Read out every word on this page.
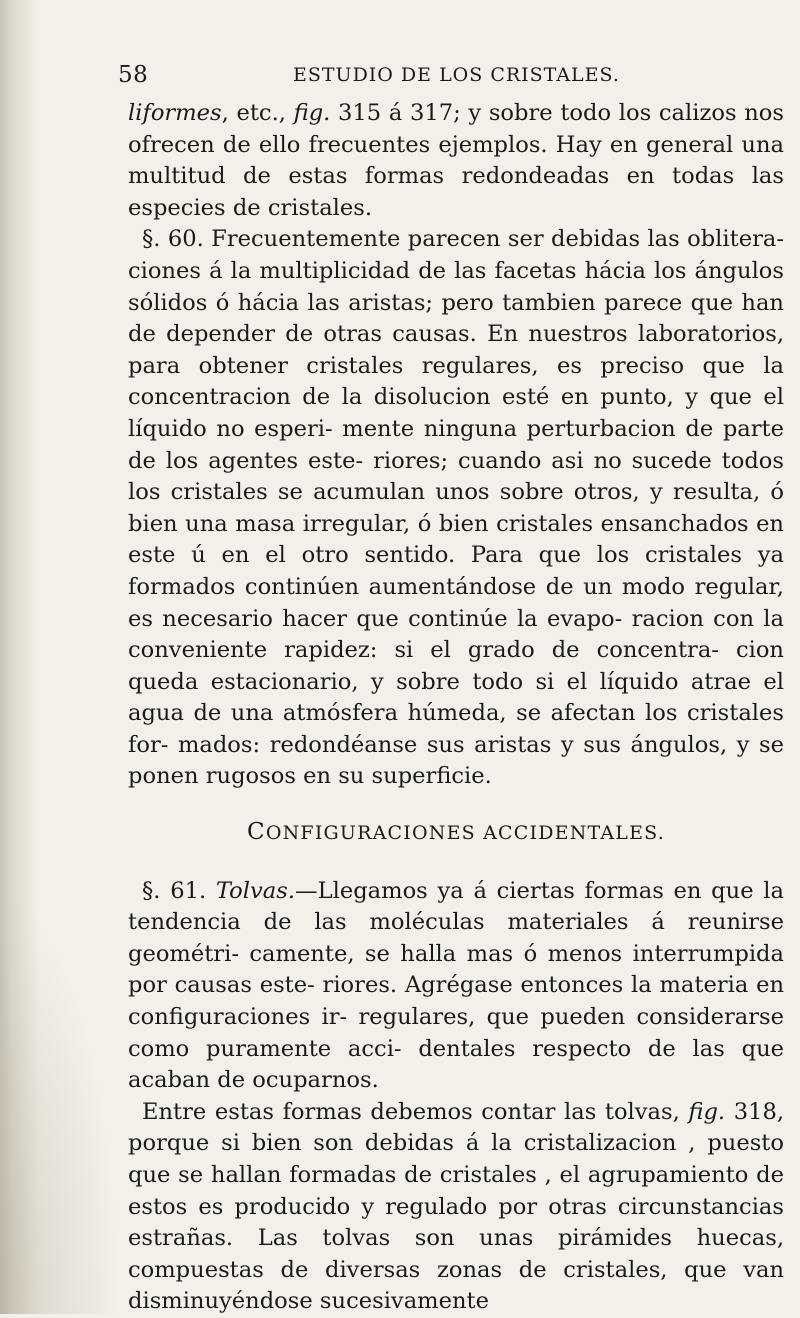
58	ESTUDIO DE LOS CRISTALES.

liformes, etc., fig. 315 á 317; y sobre todo los calizos nos ofrecen de ello frecuentes ejemplos. Hay en general una multitud de estas formas redondeadas en todas las especies de cristales.

§. 60. Frecuentemente parecen ser debidas las oblitera- ciones á la multiplicidad de las facetas hácia los ángulos sólidos ó hácia las aristas; pero tambien parece que han de depender de otras causas. En nuestros laboratorios, para obtener cristales regulares, es preciso que la concentracion de la disolucion esté en punto, y que el líquido no esperi- mente ninguna perturbacion de parte de los agentes este- riores; cuando asi no sucede todos los cristales se acumulan unos sobre otros, y resulta, ó bien una masa irregular, ó bien cristales ensanchados en este ú en el otro sentido. Para que los cristales ya formados continúen aumentándose de un modo regular, es necesario hacer que continúe la evapo- racion con la conveniente rapidez: si el grado de concentra- cion queda estacionario, y sobre todo si el líquido atrae el agua de una atmósfera húmeda, se afectan los cristales for- mados: redondéanse sus aristas y sus ángulos, y se ponen rugosos en su superficie.

CONFIGURACIONES ACCIDENTALES.

§. 61. Tolvas.—Llegamos ya á ciertas formas en que la tendencia de las moléculas materiales á reunirse geométri- camente, se halla mas ó menos interrumpida por causas este- riores. Agrégase entonces la materia en configuraciones ir- regulares, que pueden considerarse como puramente acci- dentales respecto de las que acaban de ocuparnos.

Entre estas formas debemos contar las tolvas, fig. 318, porque si bien son debidas á la cristalizacion , puesto que se hallan formadas de cristales , el agrupamiento de estos es producido y regulado por otras circunstancias estrañas. Las tolvas son unas pirámides huecas, compuestas de diversas zonas de cristales, que van disminuyéndose sucesivamente
